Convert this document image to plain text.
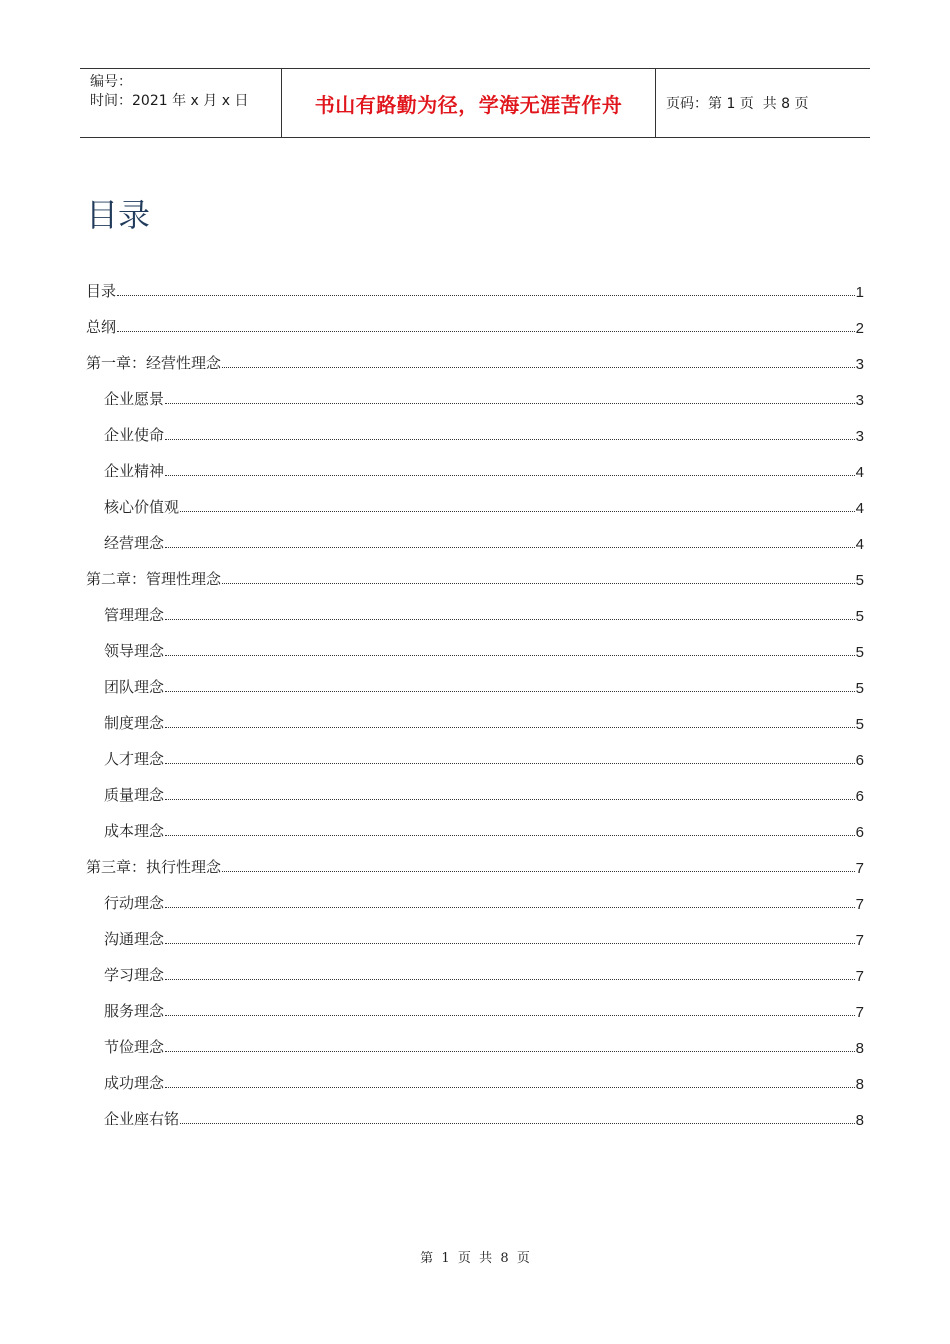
编号：
时间：2021 年 x 月 x 日	书山有路勤为径，学海无涯苦作舟	页码：第 1 页  共 8 页
目录
目录	1
总纲	2
第一章：经营性理念	3
企业愿景	3
企业使命	3
企业精神	4
核心价值观	4
经营理念	4
第二章：管理性理念	5
管理理念	5
领导理念	5
团队理念	5
制度理念	5
人才理念	6
质量理念	6
成本理念	6
第三章：执行性理念	7
行动理念	7
沟通理念	7
学习理念	7
服务理念	7
节俭理念	8
成功理念	8
企业座右铭	8
第  1  页  共  8  页
